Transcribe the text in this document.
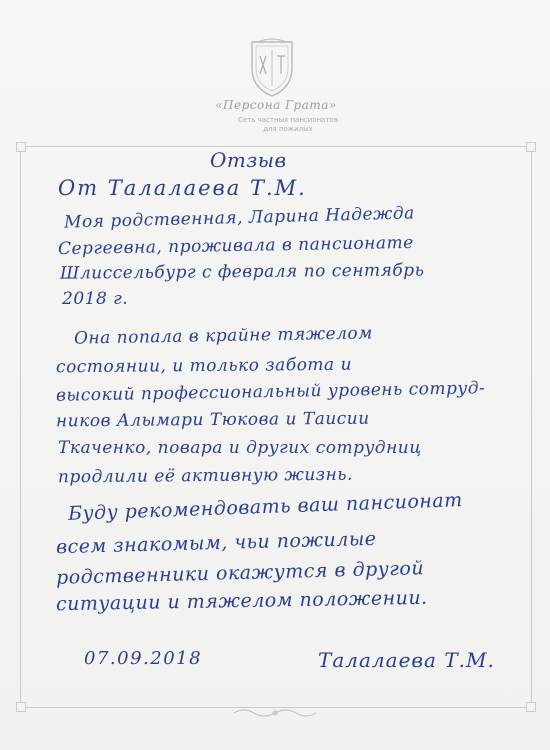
«Персона Грата»
Сеть частных пансионатов
для пожилых
Отзыв
От Талалаева Т.М.
Моя родственная, Ларина Надежда
Сергеевна, проживала в пансионате
Шлиссельбург с февраля по сентябрь
2018 г.
Она попала в крайне тяжелом
состоянии, и только забота и
высокий профессиональный уровень сотруд-
ников Алымари Тюкова и Таисии
Ткаченко, повара и других сотрудниц
продлили её активную жизнь.
Буду рекомендовать ваш пансионат
всем знакомым, чьи пожилые
родственники окажутся в другой
ситуации и тяжелом положении.
07.09.2018	Талалаева Т.М.
